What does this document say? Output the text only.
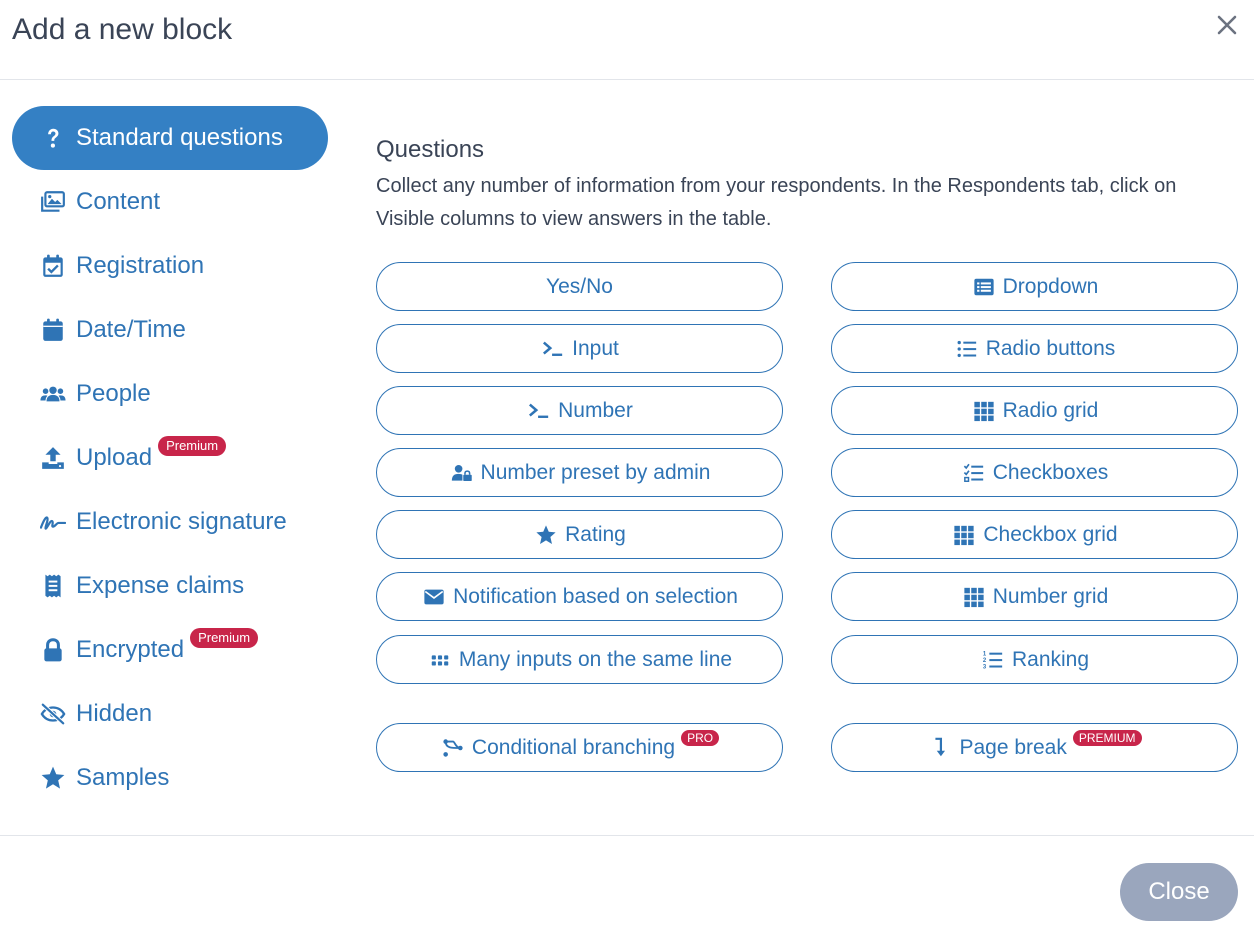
Add a new block
Standard questions
Content
Registration
Date/Time
People
Upload	Premium
Electronic signature
Expense claims
Encrypted	Premium
Hidden
Samples
Questions
Collect any number of information from your respondents. In the Respondents tab, click on Visible columns to view answers in the table.
Yes/No
Input
Number
Number preset by admin
Rating
Notification based on selection
Many inputs on the same line
Dropdown
Radio buttons
Radio grid
Checkboxes
Checkbox grid
Number grid
1
2
3 Ranking
Conditional branching	PRO	Page break	PREMIUM
Close
